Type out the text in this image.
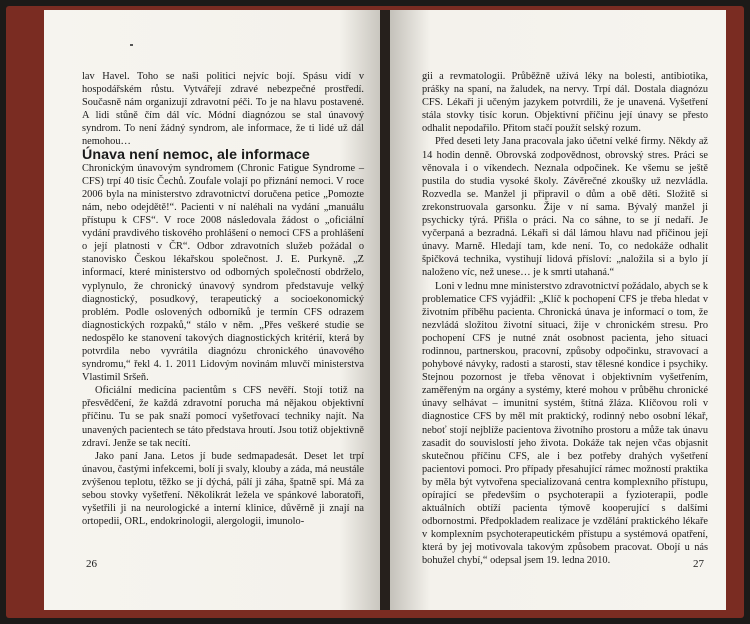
lav Havel. Toho se naši politici nejvíc bojí. Spásu vidí v hospodářském růstu. Vytvářejí zdravé nebezpečné prostředí. Současně nám organizují zdravotní péči. To je na hlavu postavené. A lidi stůně čím dál víc. Módní diagnózou se stal únavový syndrom. To není žádný syndrom, ale informace, že ti lidé už dál nemohou…

Únava není nemoc, ale informace

Chronickým únavovým syndromem (Chronic Fatigue Syndrome – CFS) trpí 40 tisíc Čechů. Zoufale volají po přiznání nemoci. V roce 2006 byla na ministerstvo zdravotnictví doručena petice „Pomozte nám, nebo odejdětě!“. Pacienti v ní naléhali na vydání „manuálu přístupu k CFS“. V roce 2008 následovala žádost o „oficiální vydání pravdivého tiskového prohlášení o nemoci CFS a prohlášení o její platnosti v ČR“. Odbor zdravotních služeb požádal o stanovisko Českou lékařskou společnost. J. E. Purkyně. „Z informací, které ministerstvo od odborných společností obdrželo, vyplynulo, že chronický únavový syndrom představuje velký diagnostický, posudkový, terapeutický a socioekonomický problém. Podle oslovených odborníků je termín CFS odrazem diagnostických rozpaků,“ stálo v něm. „Přes veškeré studie se nedospělo ke stanovení takových diagnostických kritérií, která by potvrdila nebo vyvrátila diagnózu chronického únavového syndromu,“ řekl 4. 1. 2011 Lidovým novinám mluvčí ministerstva Vlastimil Sršeň.

Oficiální medicína pacientům s CFS nevěří. Stojí totiž na přesvědčení, že každá zdravotní porucha má nějakou objektivní příčinu. Tu se pak snaží pomocí vyšetřovací techniky najít. Na unavených pacientech se táto představa hroutí. Jsou totiž objektivně zdraví. Jenže se tak necítí.

Jako paní Jana. Letos jí bude sedmapadesát. Deset let trpí únavou, častými infekcemi, bolí ji svaly, klouby a záda, má neustále zvýšenou teplotu, těžko se jí dýchá, pálí ji záha, špatně spí. Má za sebou stovky vyšetření. Několikrát ležela ve spánkové laboratoři, vyšetřili ji na neurologické a interní klinice, důvěrně ji znají na ortopedii, ORL, endokrinologii, alergologii, imunolo-

26

gii a revmatologii. Průběžně užívá léky na bolesti, antibiotika, prášky na spaní, na žaludek, na nervy. Trpí dál. Dostala diagnózu CFS. Lékaři ji učeným jazykem potvrdili, že je unavená. Vyšetření stála stovky tisíc korun. Objektivní příčinu její únavy se přesto odhalit nepodařilo. Přitom stačí použít selský rozum.

Před deseti lety Jana pracovala jako účetní velké firmy. Někdy až 14 hodin denně. Obrovská zodpovědnost, obrovský stres. Práci se věnovala i o víkendech. Neznala odpočinek. Ke všemu se ještě pustila do studia vysoké školy. Závěrečné zkoušky už nezvládla. Rozvedla se. Manžel ji připravil o dům a obě děti. Složitě si zrekonstruovala garsonku. Žije v ní sama. Bývalý manžel ji psychicky týrá. Přišla o práci. Na co sáhne, to se jí nedaří. Je vyčerpaná a bezradná. Lékaři si dál lámou hlavu nad příčinou její únavy. Marně. Hledají tam, kde není. To, co nedokáže odhalit špičková technika, vystihují lidová přísloví: „naložila si a bylo jí naloženo víc, než unese… je k smrti utahaná.“

Loni v lednu mne ministerstvo zdravotnictví požádalo, abych se k problematice CFS vyjádřil: „Klíč k pochopení CFS je třeba hledat v životním příběhu pacienta. Chronická únava je informací o tom, že nezvládá složitou životní situaci, žije v chronickém stresu. Pro pochopení CFS je nutné znát osobnost pacienta, jeho situaci rodinnou, partnerskou, pracovní, způsoby odpočinku, stravovací a pohybové návyky, radosti a starosti, stav tělesné kondice i psychiky. Stejnou pozornost je třeba věnovat i objektivním vyšetřením, zaměřeným na orgány a systémy, které mohou v průběhu chronické únavy selhávat – imunitní systém, štítná žláza. Klíčovou roli v diagnostice CFS by měl mít praktický, rodinný nebo osobní lékař, neboť stojí nejblíže pacientova životního prostoru a může tak únavu zasadit do souvislostí jeho života. Dokáže tak nejen včas objasnit skutečnou příčinu CFS, ale i bez potřeby drahých vyšetření pacientovi pomoci. Pro případy přesahující rámec možností praktika by měla být vytvořena specializovaná centra komplexního přístupu, opírající se především o psychoterapii a fyzioterapii, podle aktuálních obtíží pacienta týmově kooperující s dalšími odbornostmi. Předpokladem realizace je vzdělání praktického lékaře v komplexním psychoterapeutickém přístupu a systémová opatření, která by jej motivovala takovým způsobem pracovat. Obojí u nás bohužel chybí,“ odepsal jsem 19. ledna 2010.	27
